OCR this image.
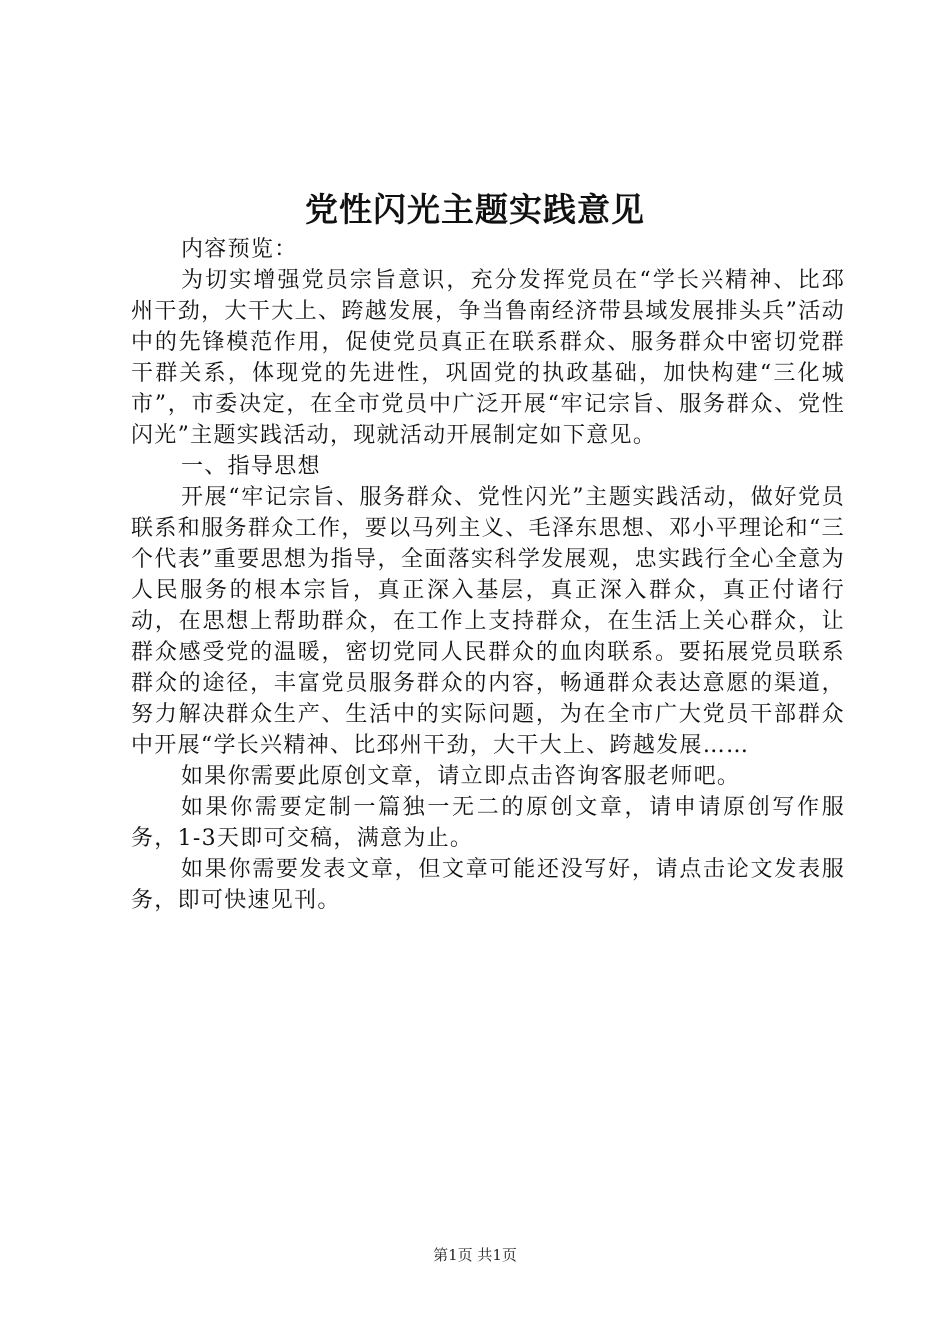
党性闪光主题实践意见

内容预览：

为切实增强党员宗旨意识，充分发挥党员在“学长兴精神、比邳州干劲，大干大上、跨越发展，争当鲁南经济带县域发展排头兵”活动中的先锋模范作用，促使党员真正在联系群众、服务群众中密切党群干群关系，体现党的先进性，巩固党的执政基础，加快构建“三化城市”，市委决定，在全市党员中广泛开展“牢记宗旨、服务群众、党性闪光”主题实践活动，现就活动开展制定如下意见。

一、指导思想

开展“牢记宗旨、服务群众、党性闪光”主题实践活动，做好党员联系和服务群众工作，要以马列主义、毛泽东思想、邓小平理论和“三个代表”重要思想为指导，全面落实科学发展观，忠实践行全心全意为人民服务的根本宗旨，真正深入基层，真正深入群众，真正付诸行动，在思想上帮助群众，在工作上支持群众，在生活上关心群众，让群众感受党的温暖，密切党同人民群众的血肉联系。要拓展党员联系群众的途径，丰富党员服务群众的内容，畅通群众表达意愿的渠道，努力解决群众生产、生活中的实际问题，为在全市广大党员干部群众中开展“学长兴精神、比邳州干劲，大干大上、跨越发展……

如果你需要此原创文章，请立即点击咨询客服老师吧。

如果你需要定制一篇独一无二的原创文章，请申请原创写作服务，1-3天即可交稿，满意为止。

如果你需要发表文章，但文章可能还没写好，请点击论文发表服务，即可快速见刊。

第1页 共1页
